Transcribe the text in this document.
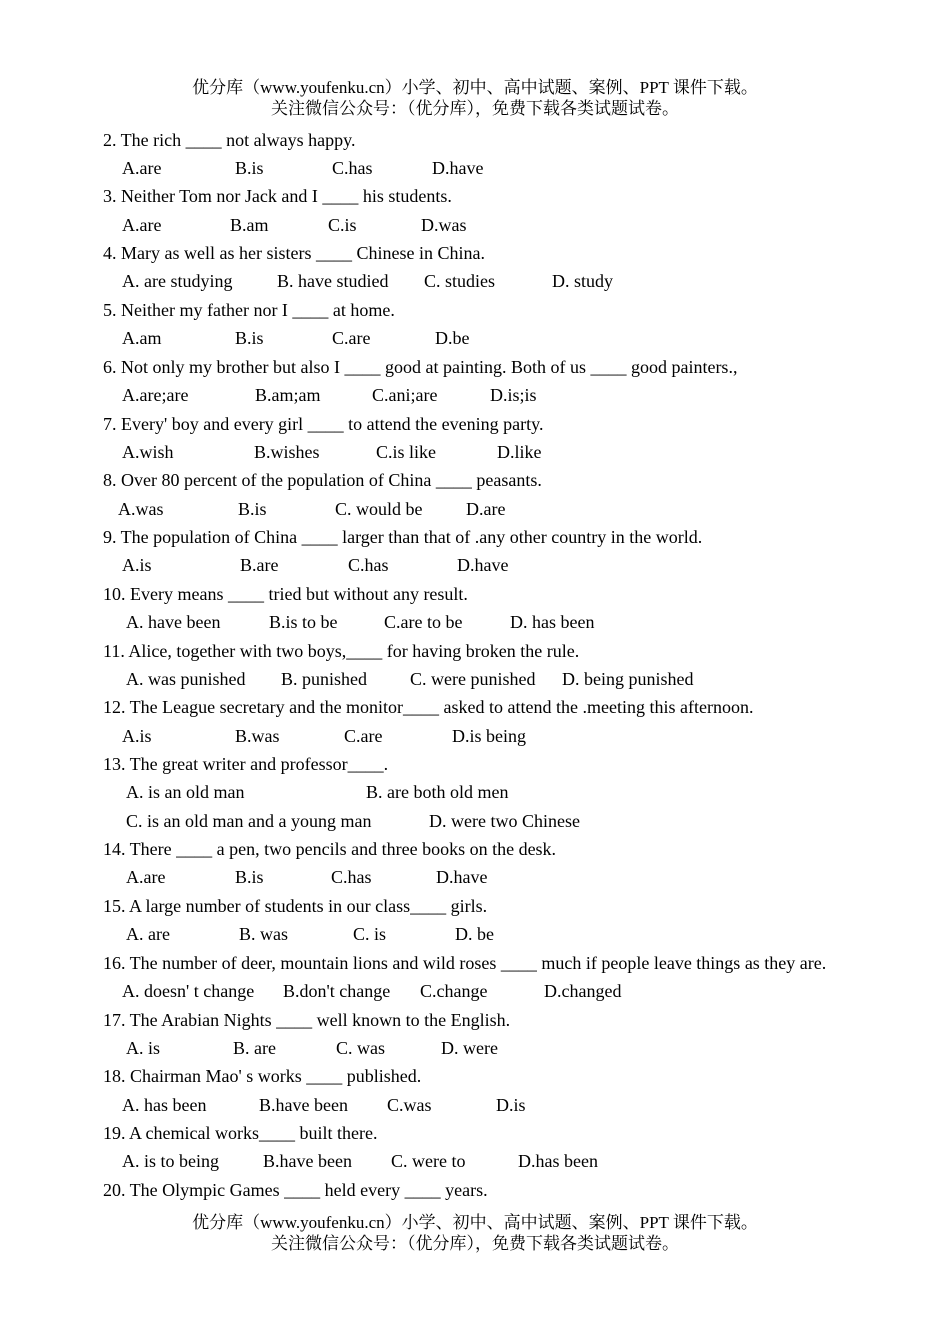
优分库（www.youfenku.cn）小学、初中、高中试题、案例、PPT 课件下载。
关注微信公众号：（优分库），免费下载各类试题试卷。
2. The rich ____ not always happy.
A.are	B.is	C.has	D.have
3. Neither Tom nor Jack and I ____ his students.
A.are	B.am	C.is	D.was
4. Mary as well as her sisters ____ Chinese in China.
A. are studying B. have studied C. studies	D. study
5. Neither my father nor I ____ at home.
A.am	B.is	C.are	D.be
6. Not only my brother but also I ____ good at painting. Both of us ____ good painters.,
A.are;are	B.am;am	C.ani;are	D.is;is
7. Every' boy and every girl ____ to attend the evening party.
A.wish	B.wishes	C.is like	D.like
8. Over 80 percent of the population of China ____ peasants.
A.was	B.is	C. would be D.are
9. The population of China ____ larger than that of .any other country in the world.
A.is	B.are	C.has	D.have
10. Every means ____ tried but without any result.
A. have been	B.is to be	C.are to be	D. has been
11. Alice, together with two boys,____ for having broken the rule.
A. was punished B. punished C. were punished D. being punished
12. The League secretary and the monitor____ asked to attend the .meeting this afternoon.
A.is	B.was	C.are	D.is being
13. The great writer and professor____.
A. is an old man	B. are both old men
C. is an old man and a young man	D. were two Chinese
14. There ____ a pen, two pencils and three books on the desk.
A.are	B.is	C.has	D.have
15. A large number of students in our class____ girls.
A. are	B. was	C. is	D. be
16. The number of deer, mountain lions and wild roses ____ much if people leave things as they are.
A. doesn' t change B.don't change C.change	D.changed
17. The Arabian Nights ____ well known to the English.
A. is	B. are	C. was	D. were
18. Chairman Mao' s works ____ published.
A. has been	B.have been C.was	D.is
19. A chemical works____ built there.
A. is to being B.have been C. were to	D.has been
20. The Olympic Games ____ held every ____ years.
优分库（www.youfenku.cn）小学、初中、高中试题、案例、PPT 课件下载。
关注微信公众号：（优分库），免费下载各类试题试卷。
